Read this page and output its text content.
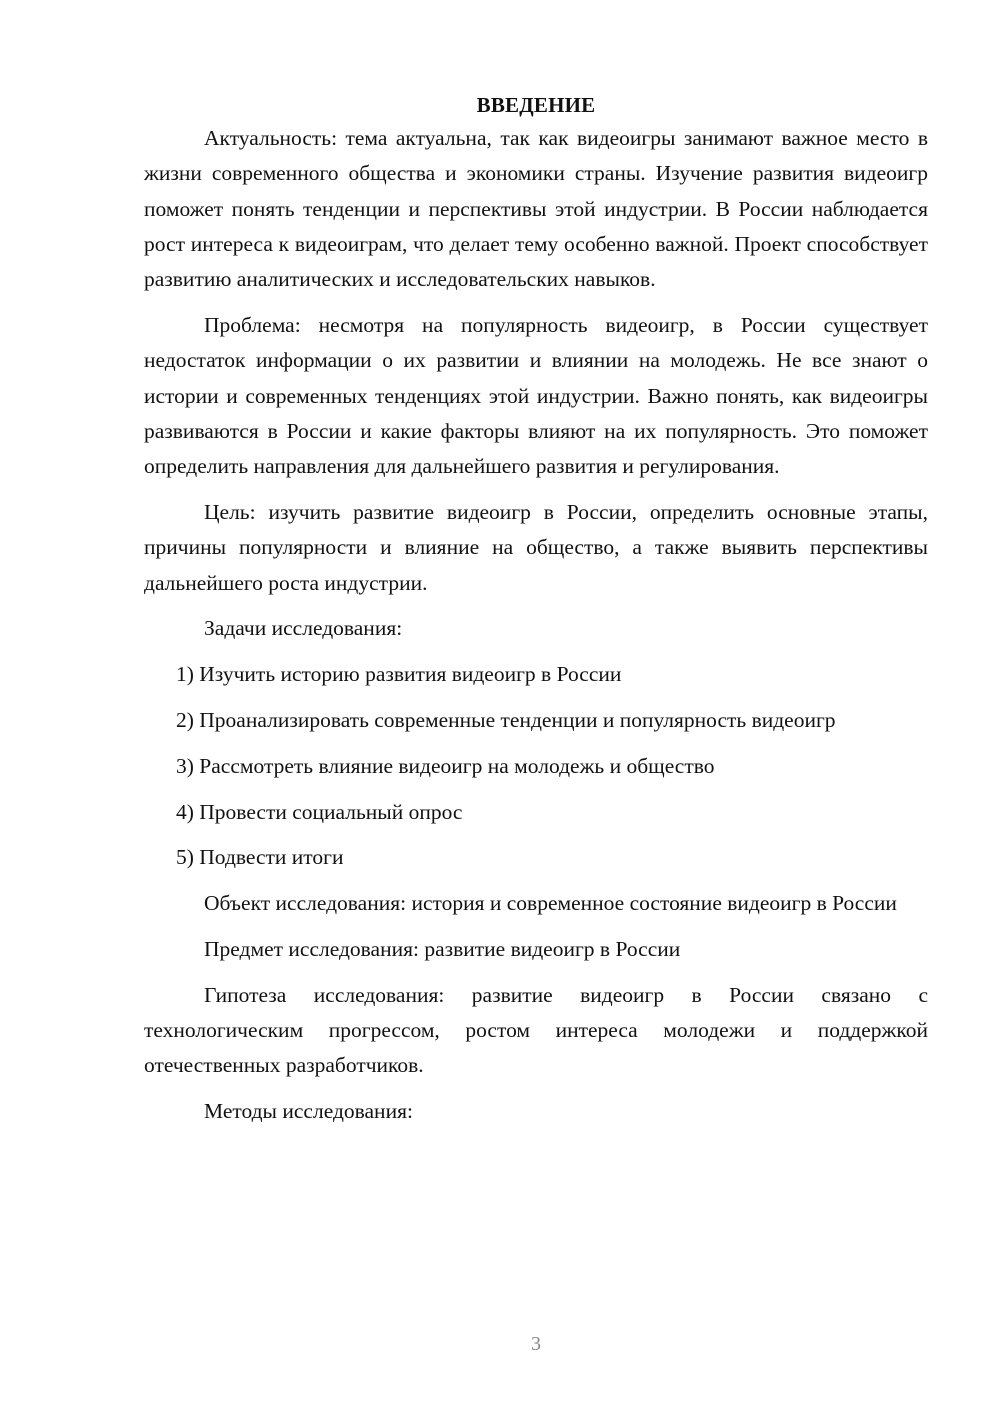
ВВЕДЕНИЕ

Актуальность: тема актуальна, так как видеоигры занимают важное место в жизни современного общества и экономики страны. Изучение развития видеоигр поможет понять тенденции и перспективы этой индустрии. В России наблюдается рост интереса к видеоиграм, что делает тему особенно важной. Проект способствует развитию аналитических и исследовательских навыков.

Проблема: несмотря на популярность видеоигр, в России существует недостаток информации о их развитии и влиянии на молодежь. Не все знают о истории и современных тенденциях этой индустрии. Важно понять, как видеоигры развиваются в России и какие факторы влияют на их популярность. Это поможет определить направления для дальнейшего развития и регулирования.

Цель: изучить развитие видеоигр в России, определить основные этапы, причины популярности и влияние на общество, а также выявить перспективы дальнейшего роста индустрии.

Задачи исследования:

1) Изучить историю развития видеоигр в России

2) Проанализировать современные тенденции и популярность видеоигр

3) Рассмотреть влияние видеоигр на молодежь и общество

4) Провести социальный опрос

5) Подвести итоги

Объект исследования: история и современное состояние видеоигр в России

Предмет исследования: развитие видеоигр в России

Гипотеза исследования: развитие видеоигр в России связано с технологическим прогрессом, ростом интереса молодежи и поддержкой отечественных разработчиков.

Методы исследования:

3
